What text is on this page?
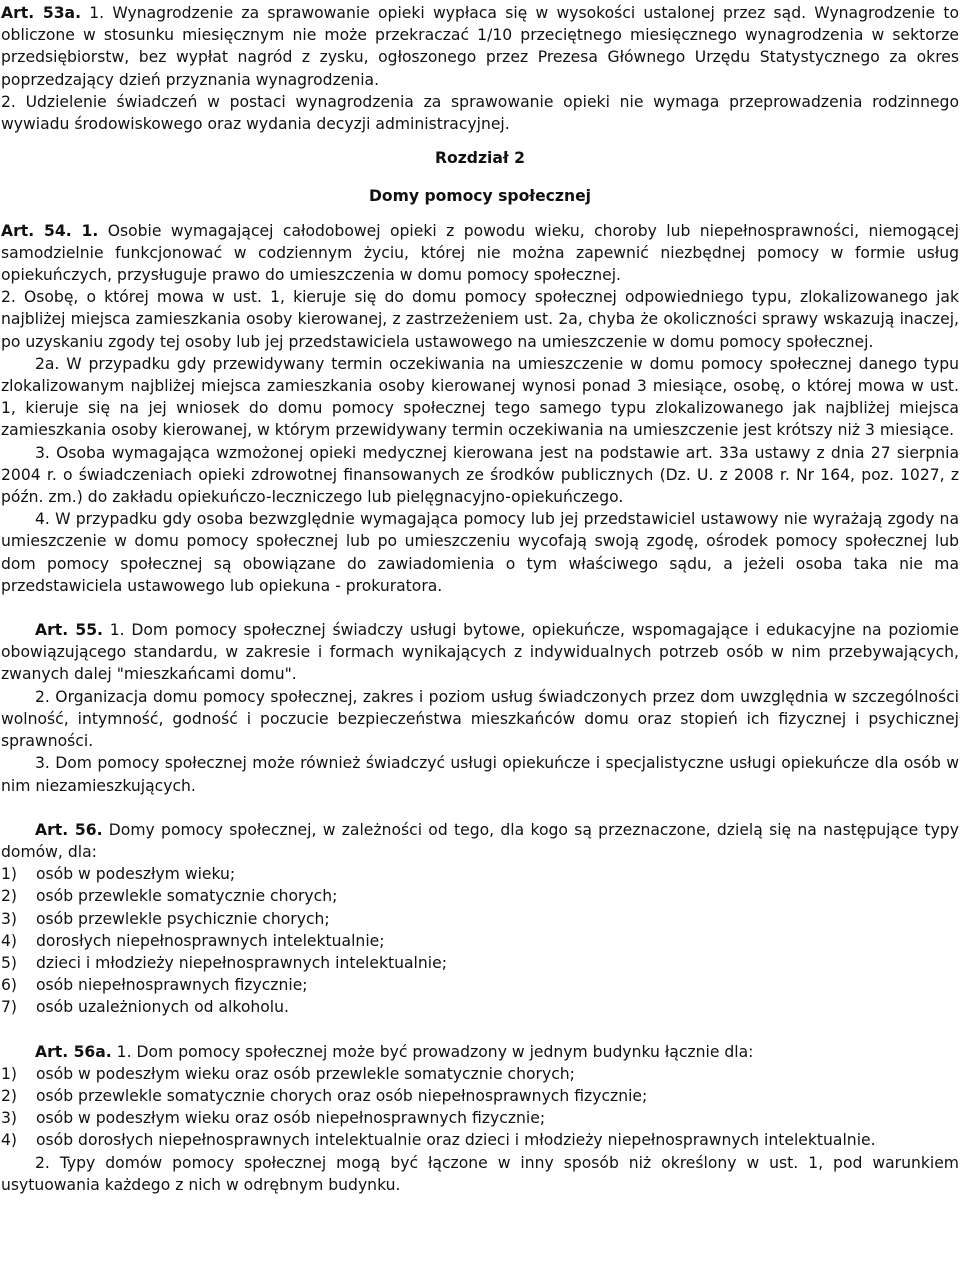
Art. 53a. 1. Wynagrodzenie za sprawowanie opieki wypłaca się w wysokości ustalonej przez sąd. Wynagrodzenie to obliczone w stosunku miesięcznym nie może przekraczać 1/10 przeciętnego miesięcznego wynagrodzenia w sektorze przedsiębiorstw, bez wypłat nagród z zysku, ogłoszonego przez Prezesa Głównego Urzędu Statystycznego za okres poprzedzający dzień przyznania wynagrodzenia.

2. Udzielenie świadczeń w postaci wynagrodzenia za sprawowanie opieki nie wymaga przeprowadzenia rodzinnego wywiadu środowiskowego oraz wydania decyzji administracyjnej.

Rozdział 2

Domy pomocy społecznej

Art. 54. 1. Osobie wymagającej całodobowej opieki z powodu wieku, choroby lub niepełnosprawności, niemogącej samodzielnie funkcjonować w codziennym życiu, której nie można zapewnić niezbędnej pomocy w formie usług opiekuńczych, przysługuje prawo do umieszczenia w domu pomocy społecznej.

2. Osobę, o której mowa w ust. 1, kieruje się do domu pomocy społecznej odpowiedniego typu, zlokalizowanego jak najbliżej miejsca zamieszkania osoby kierowanej, z zastrzeżeniem ust. 2a, chyba że okoliczności sprawy wskazują inaczej, po uzyskaniu zgody tej osoby lub jej przedstawiciela ustawowego na umieszczenie w domu pomocy społecznej.

2a. W przypadku gdy przewidywany termin oczekiwania na umieszczenie w domu pomocy społecznej danego typu zlokalizowanym najbliżej miejsca zamieszkania osoby kierowanej wynosi ponad 3 miesiące, osobę, o której mowa w ust. 1, kieruje się na jej wniosek do domu pomocy społecznej tego samego typu zlokalizowanego jak najbliżej miejsca zamieszkania osoby kierowanej, w którym przewidywany termin oczekiwania na umieszczenie jest krótszy niż 3 miesiące.

3. Osoba wymagająca wzmożonej opieki medycznej kierowana jest na podstawie art. 33a ustawy z dnia 27 sierpnia 2004 r. o świadczeniach opieki zdrowotnej finansowanych ze środków publicznych (Dz. U. z 2008 r. Nr 164, poz. 1027, z późn. zm.) do zakładu opiekuńczo-leczniczego lub pielęgnacyjno-opiekuńczego.

4. W przypadku gdy osoba bezwzględnie wymagająca pomocy lub jej przedstawiciel ustawowy nie wyrażają zgody na umieszczenie w domu pomocy społecznej lub po umieszczeniu wycofają swoją zgodę, ośrodek pomocy społecznej lub dom pomocy społecznej są obowiązane do zawiadomienia o tym właściwego sądu, a jeżeli osoba taka nie ma przedstawiciela ustawowego lub opiekuna - prokuratora.

Art. 55. 1. Dom pomocy społecznej świadczy usługi bytowe, opiekuńcze, wspomagające i edukacyjne na poziomie obowiązującego standardu, w zakresie i formach wynikających z indywidualnych potrzeb osób w nim przebywających, zwanych dalej "mieszkańcami domu".

2. Organizacja domu pomocy społecznej, zakres i poziom usług świadczonych przez dom uwzględnia w szczególności wolność, intymność, godność i poczucie bezpieczeństwa mieszkańców domu oraz stopień ich fizycznej i psychicznej sprawności.

3. Dom pomocy społecznej może również świadczyć usługi opiekuńcze i specjalistyczne usługi opiekuńcze dla osób w nim niezamieszkujących.

Art. 56. Domy pomocy społecznej, w zależności od tego, dla kogo są przeznaczone, dzielą się na następujące typy domów, dla:

1) osób w podeszłym wieku;
2) osób przewlekle somatycznie chorych;
3) osób przewlekle psychicznie chorych;
4) dorosłych niepełnosprawnych intelektualnie;
5) dzieci i młodzieży niepełnosprawnych intelektualnie;
6) osób niepełnosprawnych fizycznie;
7) osób uzależnionych od alkoholu.

Art. 56a. 1. Dom pomocy społecznej może być prowadzony w jednym budynku łącznie dla:

1) osób w podeszłym wieku oraz osób przewlekle somatycznie chorych;
2) osób przewlekle somatycznie chorych oraz osób niepełnosprawnych fizycznie;
3) osób w podeszłym wieku oraz osób niepełnosprawnych fizycznie;
4) osób dorosłych niepełnosprawnych intelektualnie oraz dzieci i młodzieży niepełnosprawnych intelektualnie.

2. Typy domów pomocy społecznej mogą być łączone w inny sposób niż określony w ust. 1, pod warunkiem usytuowania każdego z nich w odrębnym budynku.
